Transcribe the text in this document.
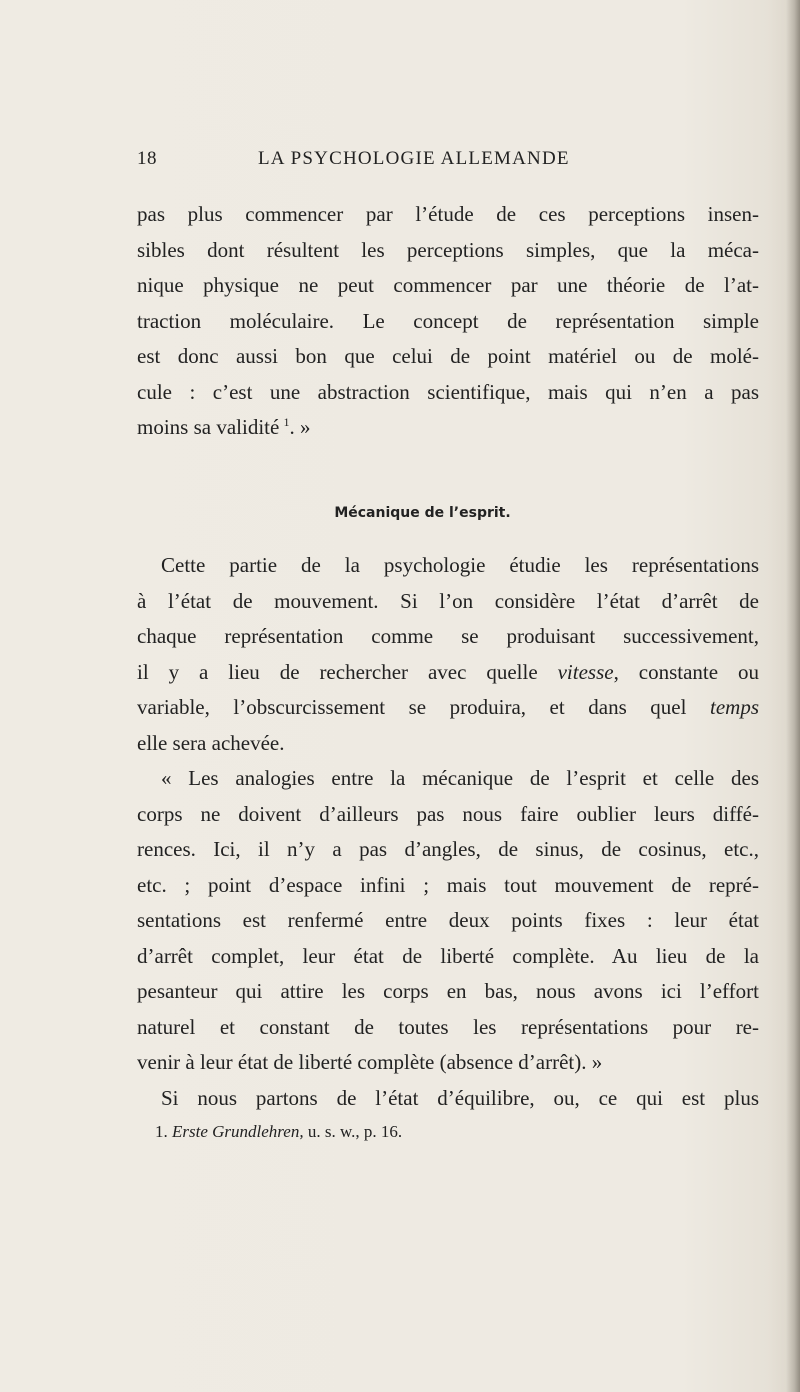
18	LA PSYCHOLOGIE ALLEMANDE
pas plus commencer par l’étude de ces perceptions insen-
sibles dont résultent les perceptions simples, que la méca-
nique physique ne peut commencer par une théorie de l’at-
traction moléculaire. Le concept de représentation simple
est donc aussi bon que celui de point matériel ou de molé-
cule : c’est une abstraction scientifique, mais qui n’en a pas
moins sa validité  $^1$. »
Mécanique de l’esprit.
Cette partie de la psychologie étudie les représentations
à l’état de mouvement. Si l’on considère l’état d’arrêt de
chaque représentation comme se produisant successivement,
il y a lieu de rechercher avec quelle vitesse, constante ou
variable, l’obscurcissement se produira, et dans quel temps
elle sera achevée.
« Les analogies entre la mécanique de l’esprit et celle des
corps ne doivent d’ailleurs pas nous faire oublier leurs diffé-
rences. Ici, il n’y a pas d’angles, de sinus, de cosinus, etc.,
etc. ; point d’espace infini ; mais tout mouvement de repré-
sentations est renfermé entre deux points fixes : leur état
d’arrêt complet, leur état de liberté complète. Au lieu de la
pesanteur qui attire les corps en bas, nous avons ici l’effort
naturel et constant de toutes les représentations pour re-
venir à leur état de liberté complète (absence d’arrêt). »
Si nous partons de l’état d’équilibre, ou, ce qui est plus
1. Erste Grundlehren, u. s. w., p. 16.
